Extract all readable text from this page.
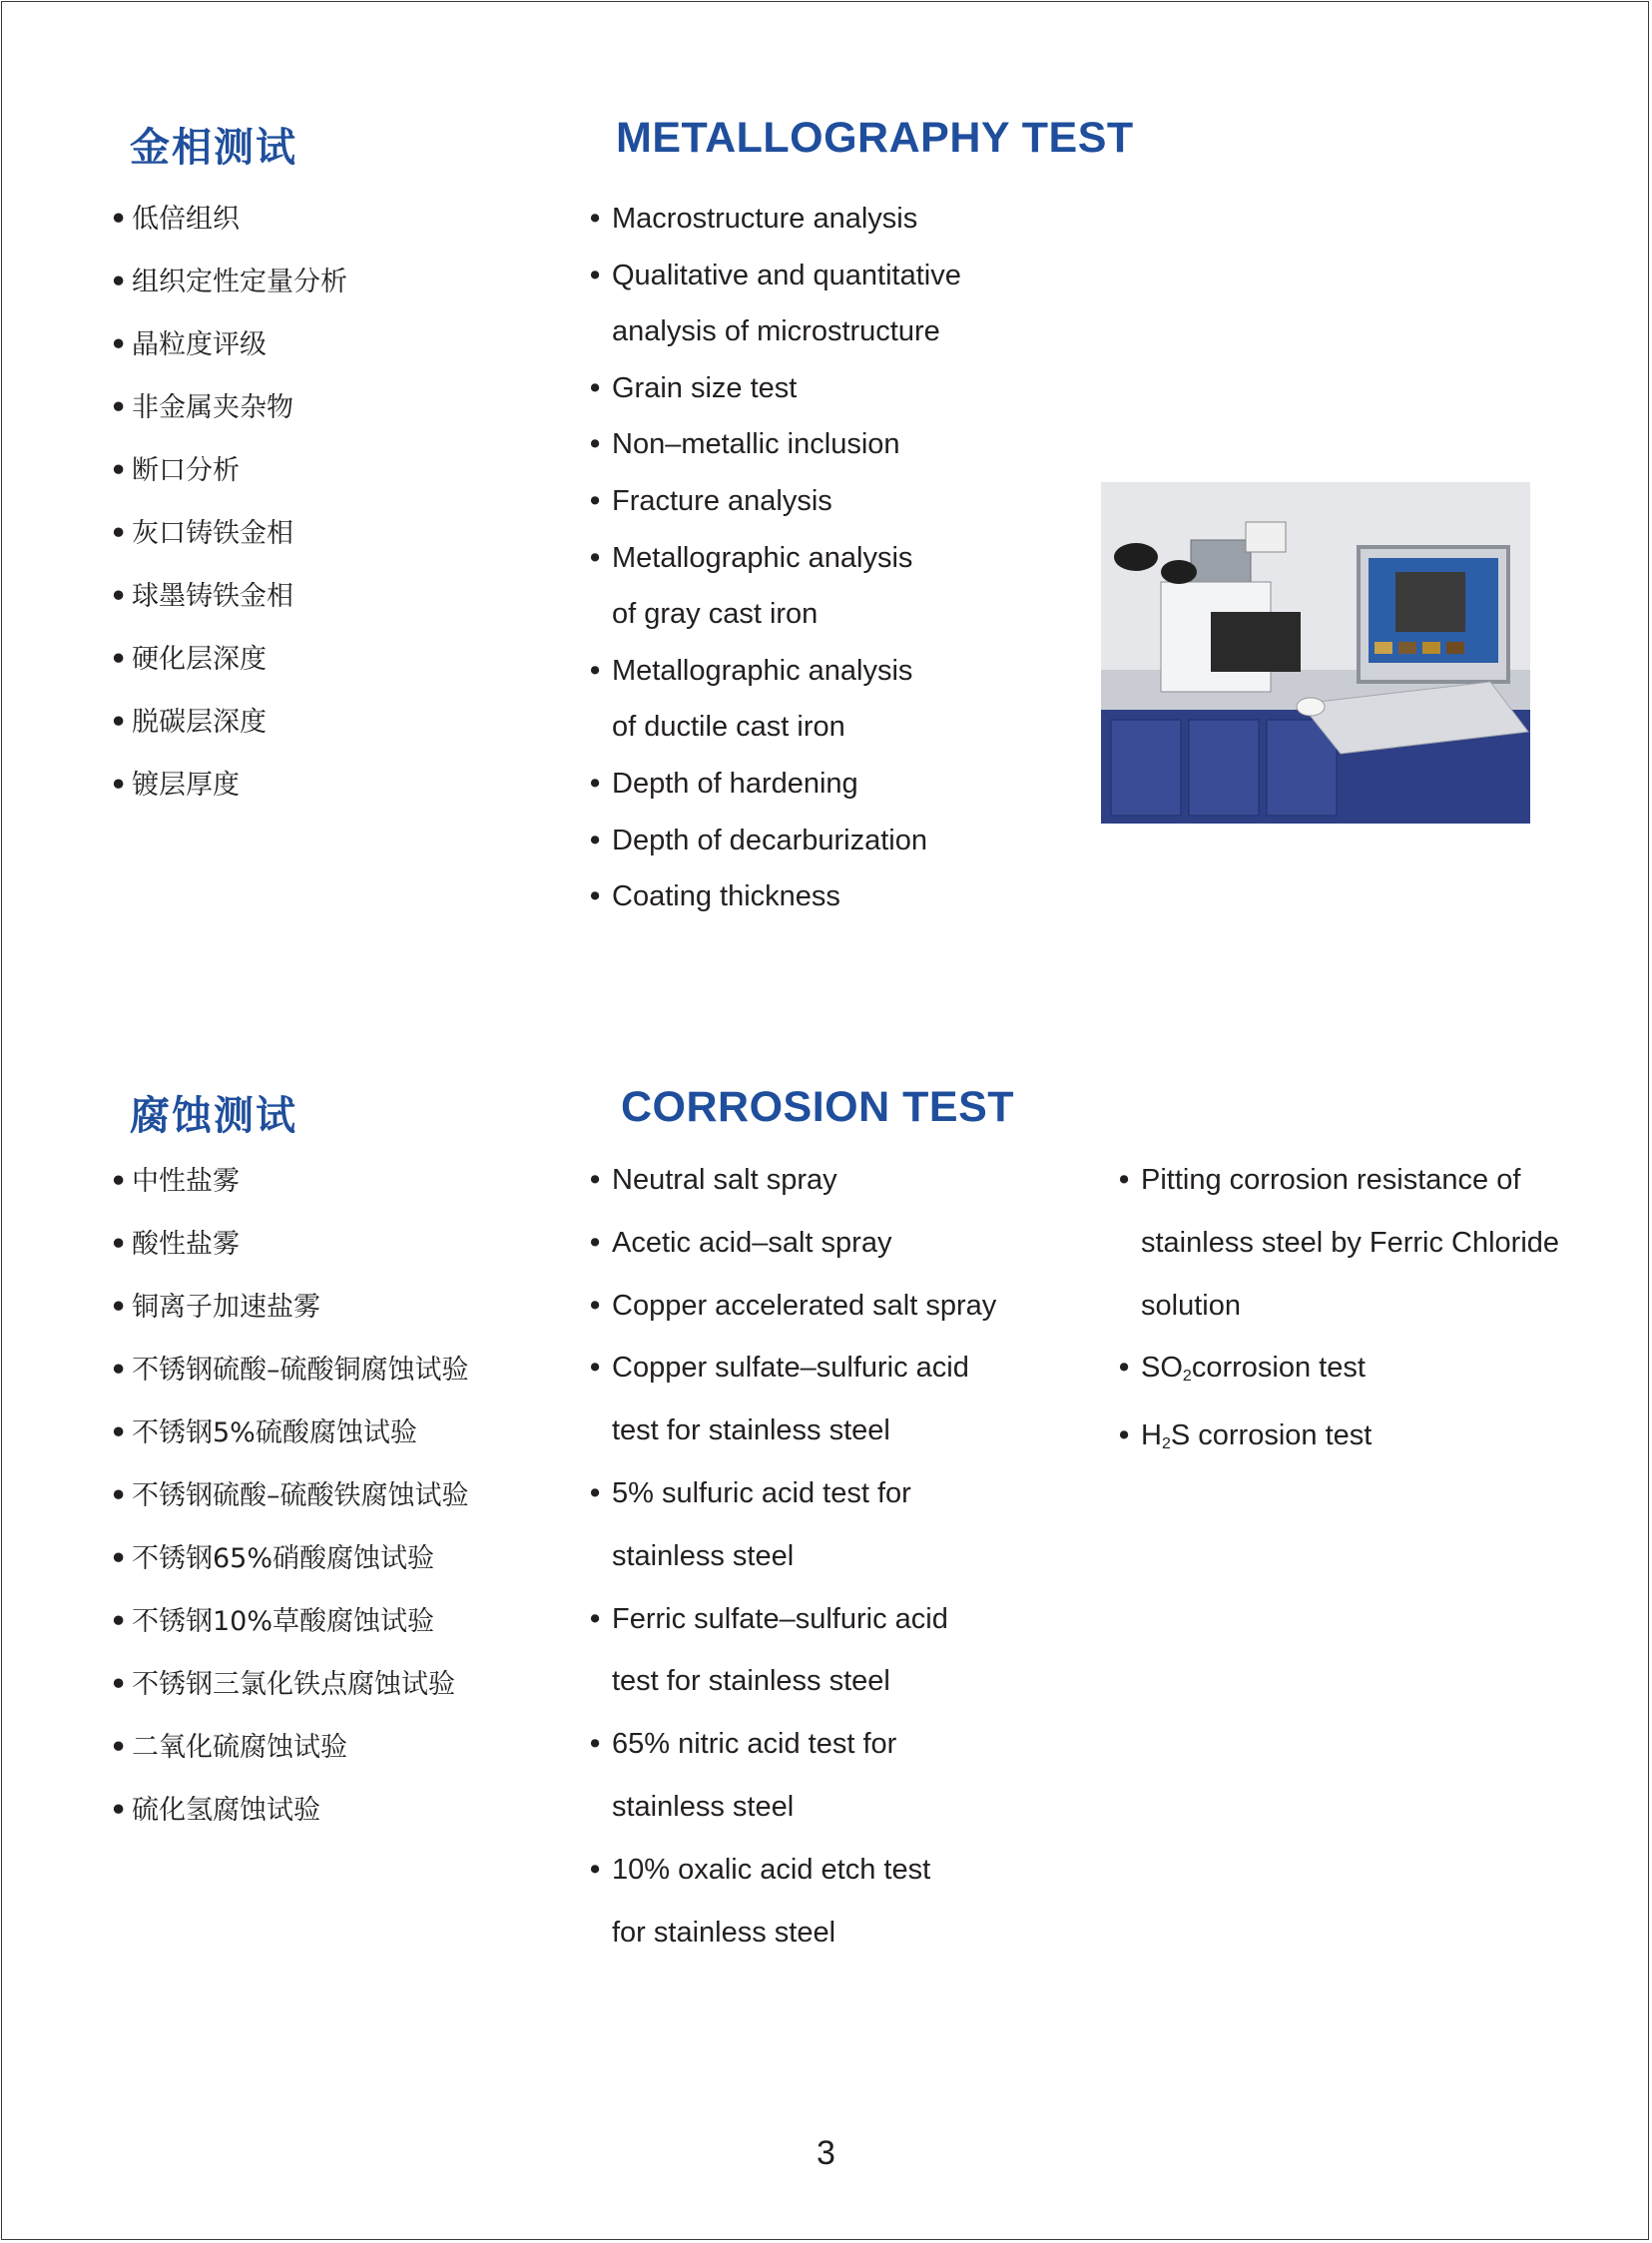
金相测试	METALLOGRAPHY TEST
• 低倍组织
• 组织定性定量分析
• 晶粒度评级
• 非金属夹杂物
• 断口分析
• 灰口铸铁金相
• 球墨铸铁金相
• 硬化层深度
• 脱碳层深度
• 镀层厚度
• Macrostructure analysis
• Qualitative and quantitative
analysis of microstructure
• Grain size test
• Non–metallic inclusion
• Fracture analysis
• Metallographic analysis
of gray cast iron
• Metallographic analysis
of ductile cast iron
• Depth of hardening
• Depth of decarburization
• Coating thickness
腐蚀测试	CORROSION TEST
• 中性盐雾
• 酸性盐雾
• 铜离子加速盐雾
• 不锈钢硫酸–硫酸铜腐蚀试验
• 不锈钢5%硫酸腐蚀试验
• 不锈钢硫酸–硫酸铁腐蚀试验
• 不锈钢65%硝酸腐蚀试验
• 不锈钢10%草酸腐蚀试验
• 不锈钢三氯化铁点腐蚀试验
• 二氧化硫腐蚀试验
• 硫化氢腐蚀试验
• Neutral salt spray
• Acetic acid–salt spray
• Copper accelerated salt spray
• Copper sulfate–sulfuric acid
test for stainless steel
• 5% sulfuric acid test for
stainless steel
• Ferric sulfate–sulfuric acid
test for stainless steel
• 65% nitric acid test for
stainless steel
• 10% oxalic acid etch test
for stainless steel
• Pitting corrosion resistance of
stainless steel by Ferric Chloride
solution
• SO2corrosion test
• H2S corrosion test
3
